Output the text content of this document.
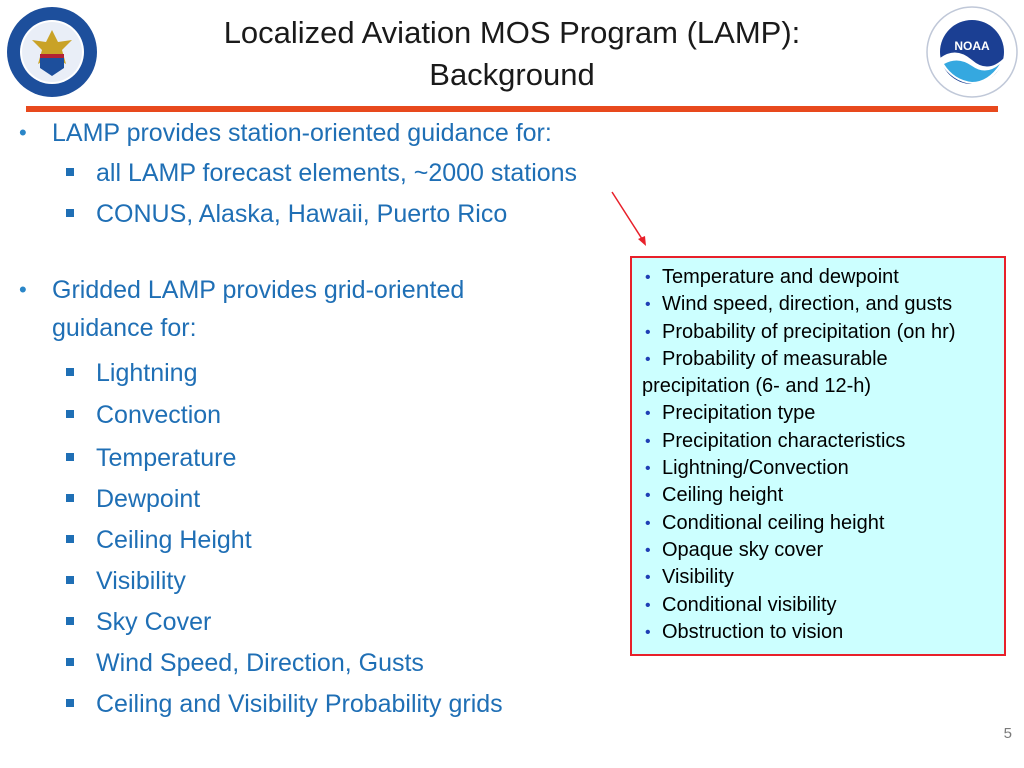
NOAA
Localized Aviation MOS Program (LAMP):
Background
• LAMP provides station-oriented guidance for:
all LAMP forecast elements, ~2000 stations
CONUS, Alaska, Hawaii, Puerto Rico
• Gridded LAMP provides grid-oriented
guidance for:
Lightning
Convection
Temperature
Dewpoint
Ceiling Height
Visibility
Sky Cover
Wind Speed, Direction, Gusts
Ceiling and Visibility Probability grids
• Temperature and dewpoint
• Wind speed, direction, and gusts
• Probability of precipitation (on hr)
• Probability of measurable
precipitation (6- and 12-h)
• Precipitation type
• Precipitation characteristics
• Lightning/Convection
• Ceiling height
• Conditional ceiling height
• Opaque sky cover
• Visibility
• Conditional visibility
• Obstruction to vision
5
